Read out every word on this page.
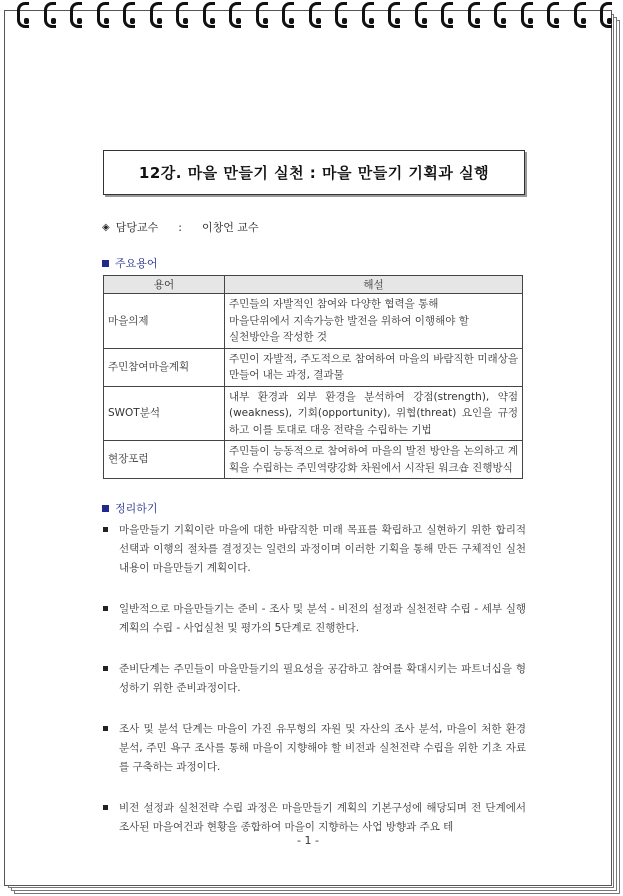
12강. 마을 만들기 실천 : 마을 만들기 기획과 실행
◈ 담당교수 : 이창언 교수
주요용어
용어	해설
마을의제	주민들의 자발적인 참여와 다양한 협력을 통해
마을단위에서 지속가능한 발전을 위하여 이행해야 할
실천방안을 작성한 것

주민참여마을계획	주민이 자발적, 주도적으로 참여하여 마을의 바람직한 미래상을 만들어 내는 과정, 결과물
SWOT분석	내부 환경과 외부 환경을 분석하여 강점(strength), 약점(weakness), 기회(opportunity), 위협(threat) 요인을 규정하고 이를 토대로 대응 전략을 수립하는 기법
현장포럼	주민들이 능동적으로 참여하여 마을의 발전 방안을 논의하고 계획을 수립하는 주민역량강화 차원에서 시작된 워크숍 진행방식
정리하기
마을만들기 기획이란 마을에 대한 바람직한 미래 목표를 확립하고 실현하기 위한 합리적 선택과 이행의 절차를 결정짓는 일련의 과정이며 이러한 기획을 통해 만든 구체적인 실천 내용이 마을만들기 계획이다.
일반적으로 마을만들기는 준비 - 조사 및 분석 - 비전의 설정과 실천전략 수립 - 세부 실행계획의 수립 - 사업실천 및 평가의 5단계로 진행한다.
준비단계는 주민들이 마을만들기의 필요성을 공감하고 참여를 확대시키는 파트너십을 형성하기 위한 준비과정이다.
조사 및 분석 단계는 마을이 가진 유무형의 자원 및 자산의 조사 분석, 마을이 처한 환경 분석, 주민 욕구 조사를 통해 마을이 지향해야 할 비전과 실천전략 수립을 위한 기초 자료를 구축하는 과정이다.
비전 설정과 실천전략 수립 과정은 마을만들기 계획의 기본구성에 해당되며 전 단계에서 조사된 마을여건과 현황을 종합하여 마을이 지향하는 사업 방향과 주요 테
- 1 -
